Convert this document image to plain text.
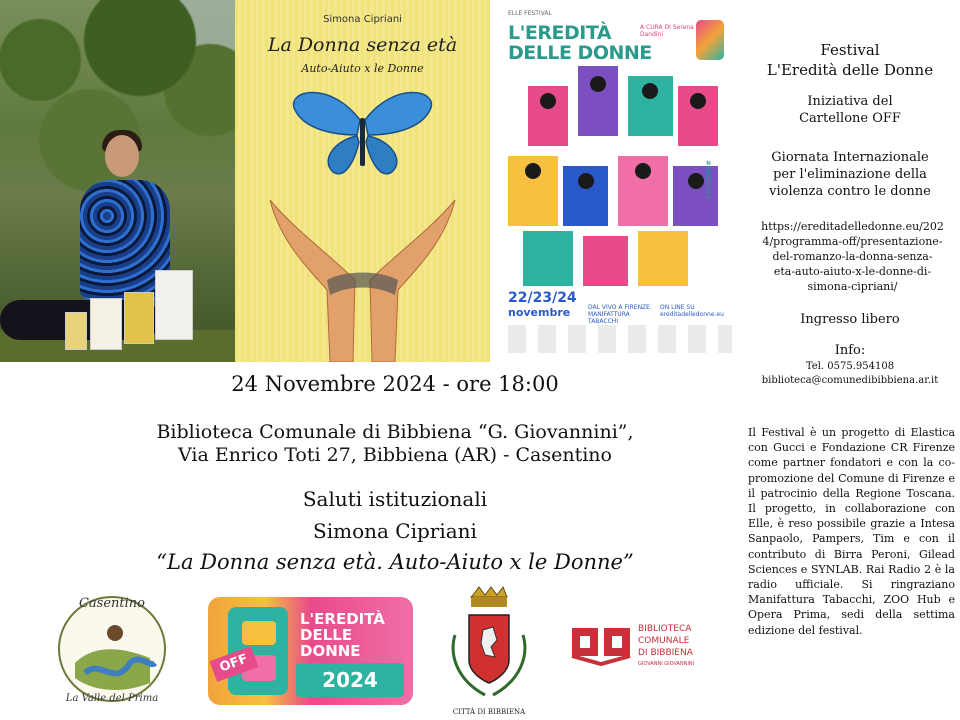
Simona Cipriani
La Donna senza età
Auto-Aiuto x le Donne
ELLE FESTIVAL
L'EREDITÀ
DELLE DONNE
A CURA DI Serena Dandini
#EDD2024
22/23/24
novembre	DAL VIVO A FIRENZE MANIFATTURA TABACCHI
ON LINE SU ereditadelledonne.eu
Festival
L'Eredità delle Donne
Iniziativa del
Cartellone OFF
Giornata Internazionale
per l'eliminazione della
violenza contro le donne
https://ereditadelledonne.eu/202
4/programma-off/presentazione-
del-romanzo-la-donna-senza-
eta-auto-aiuto-x-le-donne-di-
simona-cipriani/
Ingresso libero
Info:
Tel. 0575.954108
biblioteca@comunedibibbiena.ar.it
Il Festival è un progetto di Elastica con Gucci e Fondazione CR Firenze come partner fondatori e con la co-promozione del Comune di Firenze e il patrocinio della Regione Toscana. Il progetto, in collaborazione con Elle, è reso possibile grazie a Intesa Sanpaolo, Pampers, Tim e con il contributo di Birra Peroni, Gilead Sciences e SYNLAB. Rai Radio 2 è la radio ufficiale. Si ringraziano Manifattura Tabacchi, ZOO Hub e Opera Prima, sedi della settima edizione del festival.
24 Novembre 2024 - ore 18:00
Biblioteca Comunale di Bibbiena “G. Giovannini”,
Via Enrico Toti 27, Bibbiena (AR) - Casentino
Saluti istituzionali
Simona Cipriani
“La Donna senza età. Auto-Aiuto x le Donne”
Casentino
La Valle del Prima
OFF
L'EREDITÀ DELLE DONNE
2024
CITTÀ DI BIBBIENA
BIBLIOTECA
COMUNALE
DI BIBBIENA
GIOVANNI GIOVANNINI
